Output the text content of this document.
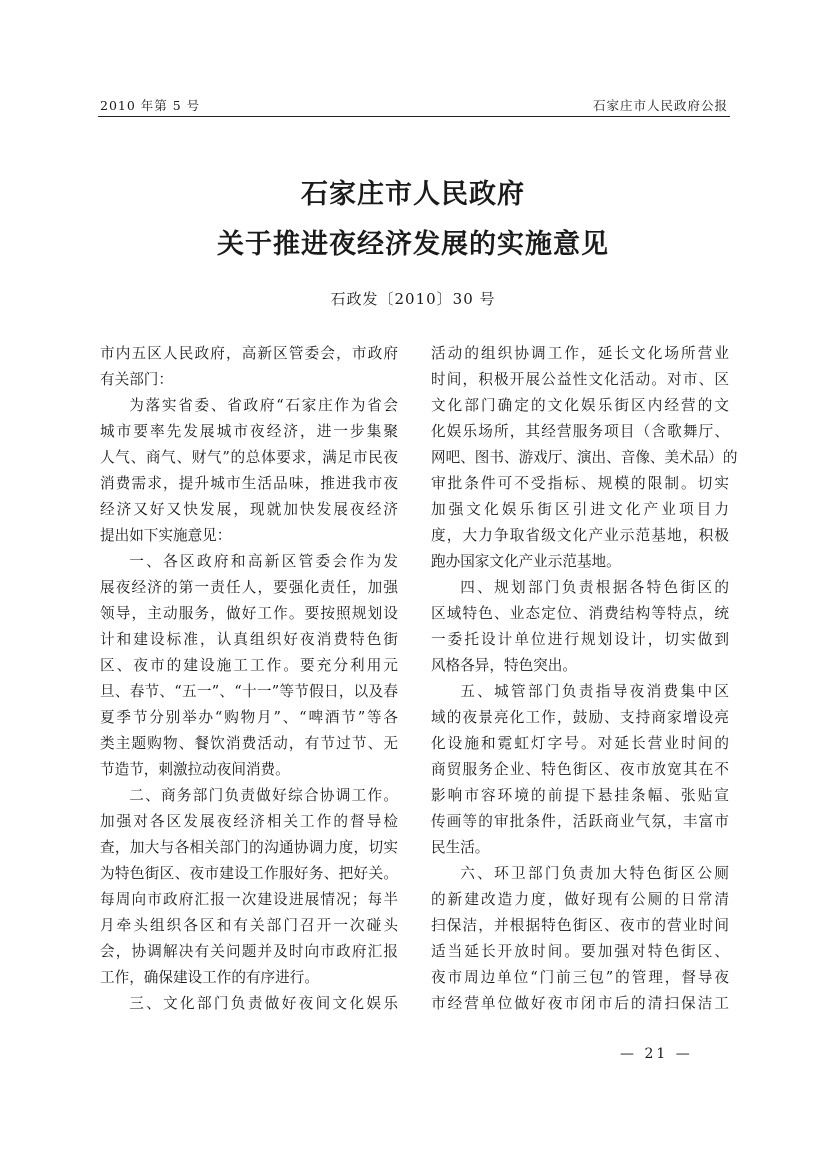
2010 年第 5 号	石家庄市人民政府公报
石家庄市人民政府
关于推进夜经济发展的实施意见
石政发〔2010〕30 号
市内五区人民政府，高新区管委会，市政府
有关部门：
为落实省委、省政府“石家庄作为省会
城市要率先发展城市夜经济，进一步集聚
人气、商气、财气”的总体要求，满足市民夜
消费需求，提升城市生活品味，推进我市夜
经济又好又快发展，现就加快发展夜经济
提出如下实施意见：
一、各区政府和高新区管委会作为发
展夜经济的第一责任人，要强化责任，加强
领导，主动服务，做好工作。要按照规划设
计和建设标准，认真组织好夜消费特色街
区、夜市的建设施工工作。要充分利用元
旦、春节、“五一”、“十一”等节假日，以及春
夏季节分别举办“购物月”、“啤酒节”等各
类主题购物、餐饮消费活动，有节过节、无
节造节，刺激拉动夜间消费。
二、商务部门负责做好综合协调工作。
加强对各区发展夜经济相关工作的督导检
查，加大与各相关部门的沟通协调力度，切实
为特色街区、夜市建设工作服好务、把好关。
每周向市政府汇报一次建设进展情况；每半
月牵头组织各区和有关部门召开一次碰头
会，协调解决有关问题并及时向市政府汇报
工作，确保建设工作的有序进行。
三、文化部门负责做好夜间文化娱乐
活动的组织协调工作，延长文化场所营业
时间，积极开展公益性文化活动。对市、区
文化部门确定的文化娱乐街区内经营的文
化娱乐场所，其经营服务项目（含歌舞厅、
网吧、图书、游戏厅、演出、音像、美术品）的
审批条件可不受指标、规模的限制。切实
加强文化娱乐街区引进文化产业项目力
度，大力争取省级文化产业示范基地，积极
跑办国家文化产业示范基地。
四、规划部门负责根据各特色街区的
区域特色、业态定位、消费结构等特点，统
一委托设计单位进行规划设计，切实做到
风格各异，特色突出。
五、城管部门负责指导夜消费集中区
域的夜景亮化工作，鼓励、支持商家增设亮
化设施和霓虹灯字号。对延长营业时间的
商贸服务企业、特色街区、夜市放宽其在不
影响市容环境的前提下悬挂条幅、张贴宣
传画等的审批条件，活跃商业气氛，丰富市
民生活。
六、环卫部门负责加大特色街区公厕
的新建改造力度，做好现有公厕的日常清
扫保洁，并根据特色街区、夜市的营业时间
适当延长开放时间。要加强对特色街区、
夜市周边单位“门前三包”的管理，督导夜
市经营单位做好夜市闭市后的清扫保洁工
— 21 —
